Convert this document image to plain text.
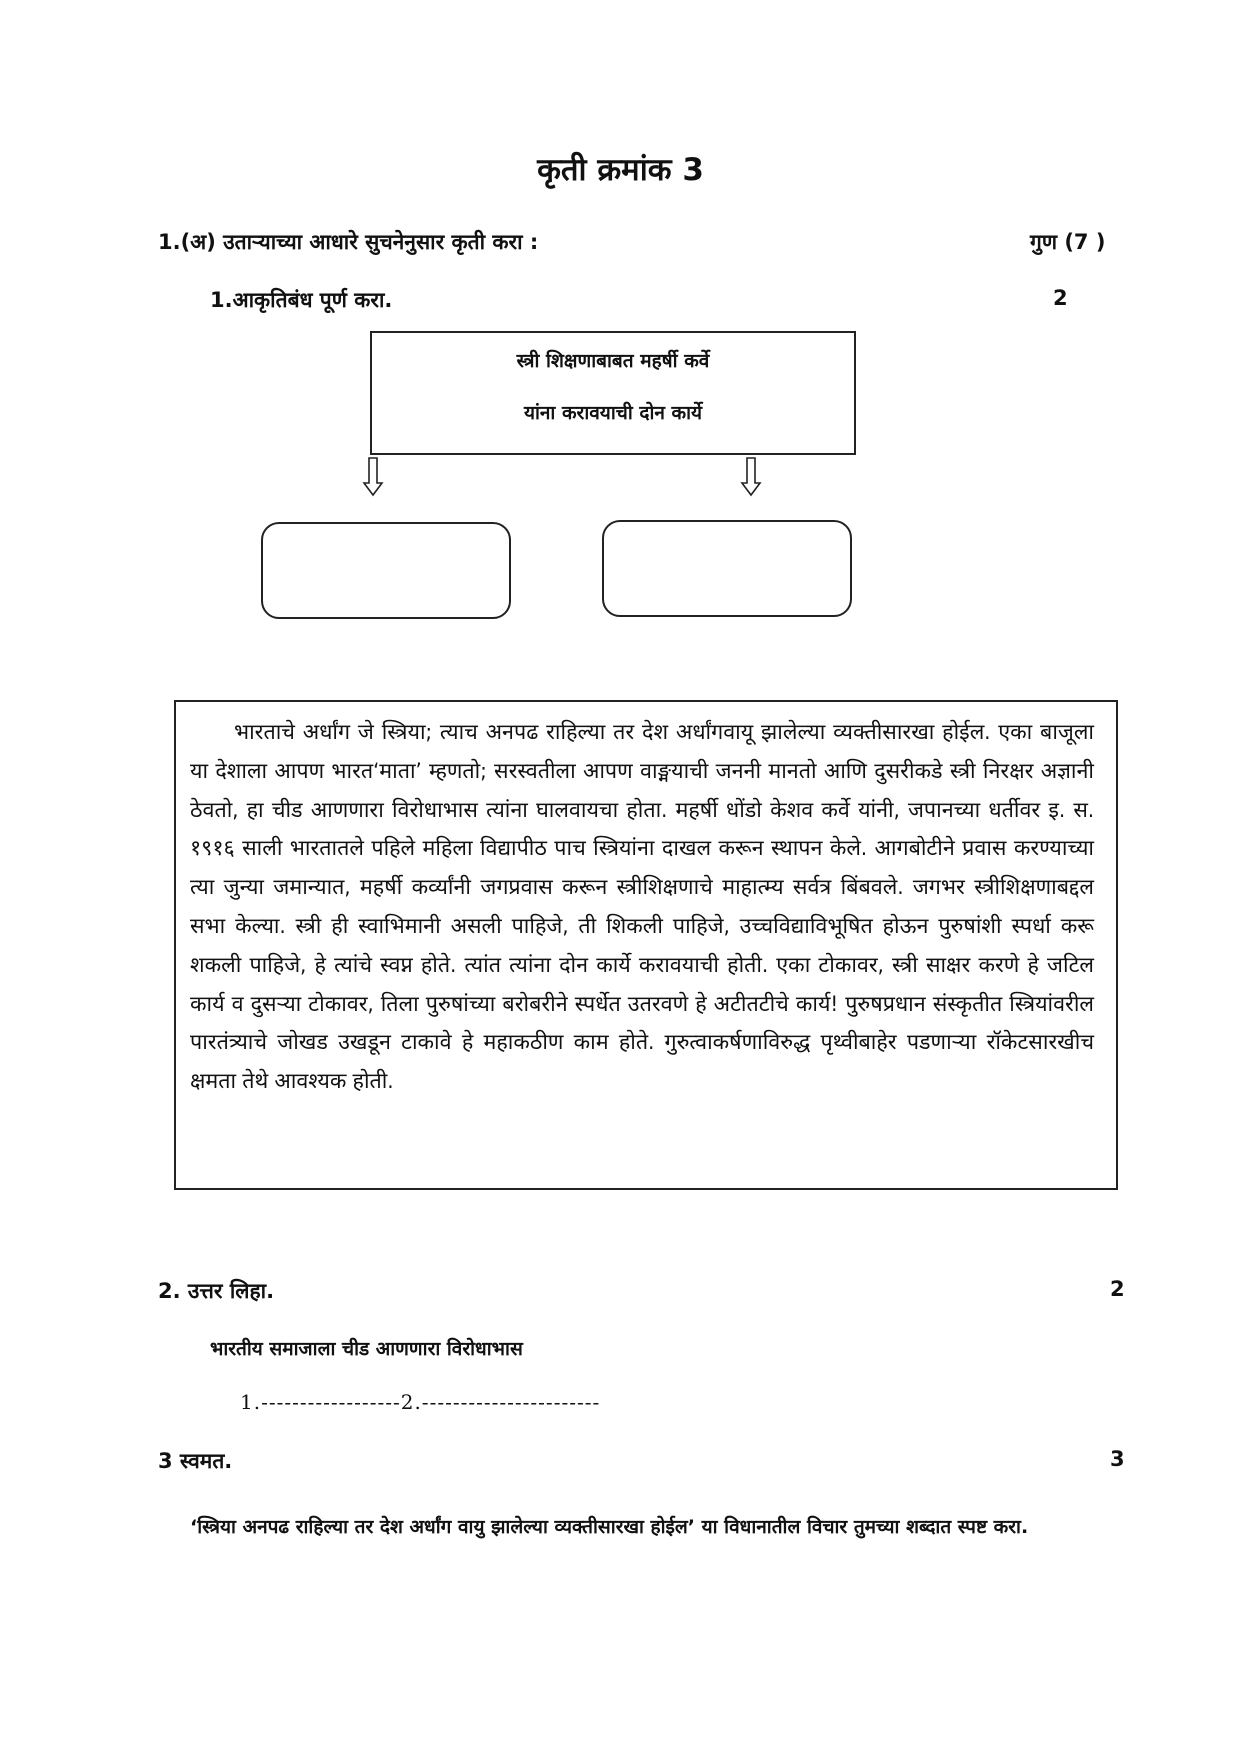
कृती क्रमांक 3
1.(अ) उताऱ्याच्या आधारे सुचनेनुसार कृती करा :	गुण (7 )
1.आकृतिबंध पूर्ण करा.	2
स्त्री शिक्षणाबाबत महर्षी कर्वे
यांना करावयाची दोन कार्ये
भारताचे अर्धांग जे स्त्रिया; त्याच अनपढ राहिल्या तर देश अर्धांगवायू झालेल्या व्यक्तीसारखा होईल. एका बाजूला या देशाला आपण भारत‘माता’ म्हणतो; सरस्वतीला आपण वाङ्मयाची जननी मानतो आणि दुसरीकडे स्त्री निरक्षर अज्ञानी ठेवतो, हा चीड आणणारा विरोधाभास त्यांना घालवायचा होता. महर्षी धोंडो केशव कर्वे यांनी, जपानच्या धर्तीवर इ. स. १९१६ साली भारतातले पहिले महिला विद्यापीठ पाच स्त्रियांना दाखल करून स्थापन केले. आगबोटीने प्रवास करण्याच्या त्या जुन्या जमान्यात, महर्षी कर्व्यांनी जगप्रवास करून स्त्रीशिक्षणाचे माहात्म्य सर्वत्र बिंबवले. जगभर स्त्रीशिक्षणाबद्दल सभा केल्या. स्त्री ही स्वाभिमानी असली पाहिजे, ती शिकली पाहिजे, उच्चविद्याविभूषित होऊन पुरुषांशी स्पर्धा करू शकली पाहिजे, हे त्यांचे स्वप्न होते. त्यांत त्यांना दोन कार्ये करावयाची होती. एका टोकावर, स्त्री साक्षर करणे हे जटिल कार्य व दुसऱ्या टोकावर, तिला पुरुषांच्या बरोबरीने स्पर्धेत उतरवणे हे अटीतटीचे कार्य! पुरुषप्रधान संस्कृतीत स्त्रियांवरील पारतंत्र्याचे जोखड उखडून टाकावे हे महाकठीण काम होते. गुरुत्वाकर्षणाविरुद्ध पृथ्वीबाहेर पडणाऱ्या रॉकेटसारखीच क्षमता तेथे आवश्यक होती.
2. उत्तर लिहा.	2
भारतीय समाजाला चीड आणणारा विरोधाभास
1.------------------2.-----------------------
3 स्वमत.	3
‘स्त्रिया अनपढ राहिल्या तर देश अर्धांग वायु झालेल्या व्यक्तीसारखा होईल’ या विधानातील विचार तुमच्या शब्दात स्पष्ट करा.
